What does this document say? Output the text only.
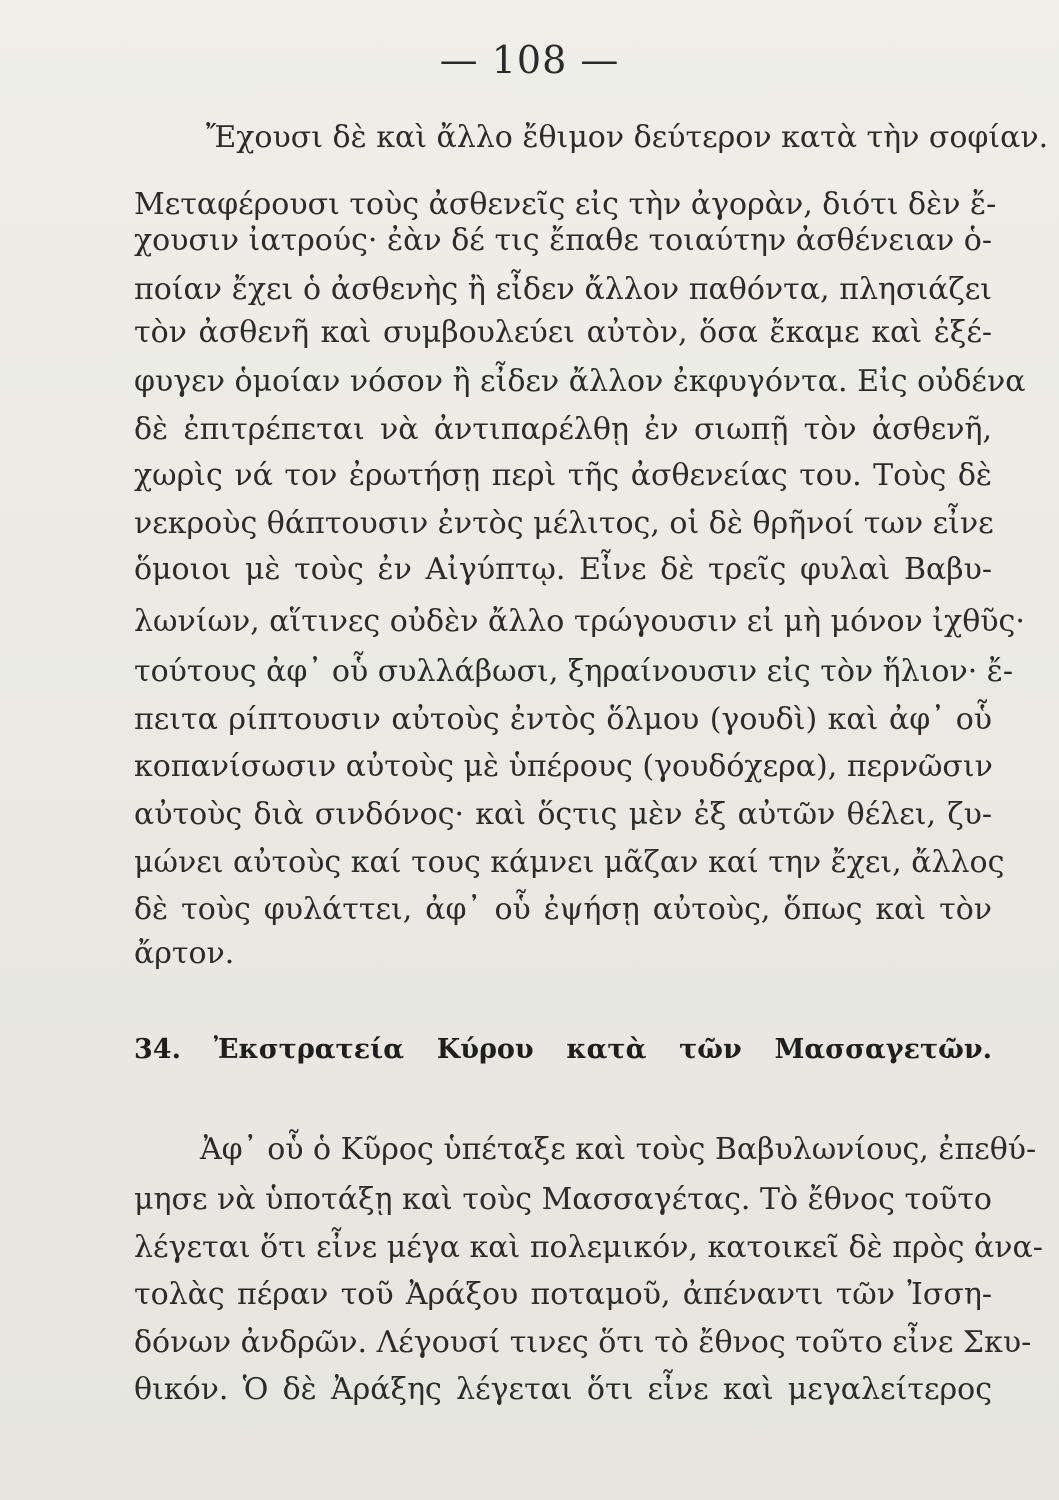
— 108 —
Ἔχουσι δὲ καὶ ἄλλο ἔθιμον δεύτερον κατὰ τὴν σοφίαν.
Μεταφέρουσι τοὺς ἀσθενεῖς εἰς τὴν ἀγορὰν, διότι δὲν ἔ-
χουσιν ἰατρούς· ἐὰν δέ τις ἔπαθε τοιαύτην ἀσθένειαν ὁ-
ποίαν ἔχει ὁ ἀσθενὴς ἢ εἶδεν ἄλλον παθόντα, πλησιάζει
τὸν ἀσθενῆ καὶ συμβουλεύει αὐτὸν, ὅσα ἔκαμε καὶ ἐξέ-
φυγεν ὁμοίαν νόσον ἢ εἶδεν ἄλλον ἐκφυγόντα. Εἰς οὐδένα
δὲ ἐπιτρέπεται νὰ ἀντιπαρέλθῃ ἐν σιωπῇ τὸν ἀσθενῆ,
χωρὶς νά τον ἐρωτήσῃ περὶ τῆς ἀσθενείας του. Τοὺς δὲ
νεκροὺς θάπτουσιν ἐντὸς μέλιτος, οἱ δὲ θρῆνοί των εἶνε
ὅμοιοι μὲ τοὺς ἐν Αἰγύπτῳ. Εἶνε δὲ τρεῖς φυλαὶ Βαβυ-
λωνίων, αἵτινες οὐδὲν ἄλλο τρώγουσιν εἰ μὴ μόνον ἰχθῦς·
τούτους ἀφ᾽ οὗ συλλάβωσι, ξηραίνουσιν εἰς τὸν ἥλιον· ἔ-
πειτα ρίπτουσιν αὐτοὺς ἐντὸς ὅλμου (γουδὶ) καὶ ἀφ᾽ οὗ
κοπανίσωσιν αὐτοὺς μὲ ὑπέρους (γουδόχερα), περνῶσιν
αὐτοὺς διὰ σινδόνος· καὶ ὅςτις μὲν ἐξ αὐτῶν θέλει, ζυ-
μώνει αὐτοὺς καί τους κάμνει μᾶζαν καί την ἔχει, ἄλλος
δὲ τοὺς φυλάττει, ἀφ᾽ οὗ ἐψήσῃ αὐτοὺς, ὅπως καὶ τὸν
ἄρτον.
34. Ἐκστρατεία Κύρου κατὰ τῶν Μασσαγετῶν.
Ἀφ᾽ οὗ ὁ Κῦρος ὑπέταξε καὶ τοὺς Βαβυλωνίους, ἐπεθύ-
μησε νὰ ὑποτάξῃ καὶ τοὺς Μασσαγέτας. Τὸ ἔθνος τοῦτο
λέγεται ὅτι εἶνε μέγα καὶ πολεμικόν, κατοικεῖ δὲ πρὸς ἀνα-
τολὰς πέραν τοῦ Ἀράξου ποταμοῦ, ἀπέναντι τῶν Ἰσση-
δόνων ἀνδρῶν. Λέγουσί τινες ὅτι τὸ ἔθνος τοῦτο εἶνε Σκυ-
θικόν. Ὁ δὲ Ἀράξης λέγεται ὅτι εἶνε καὶ μεγαλείτερος
